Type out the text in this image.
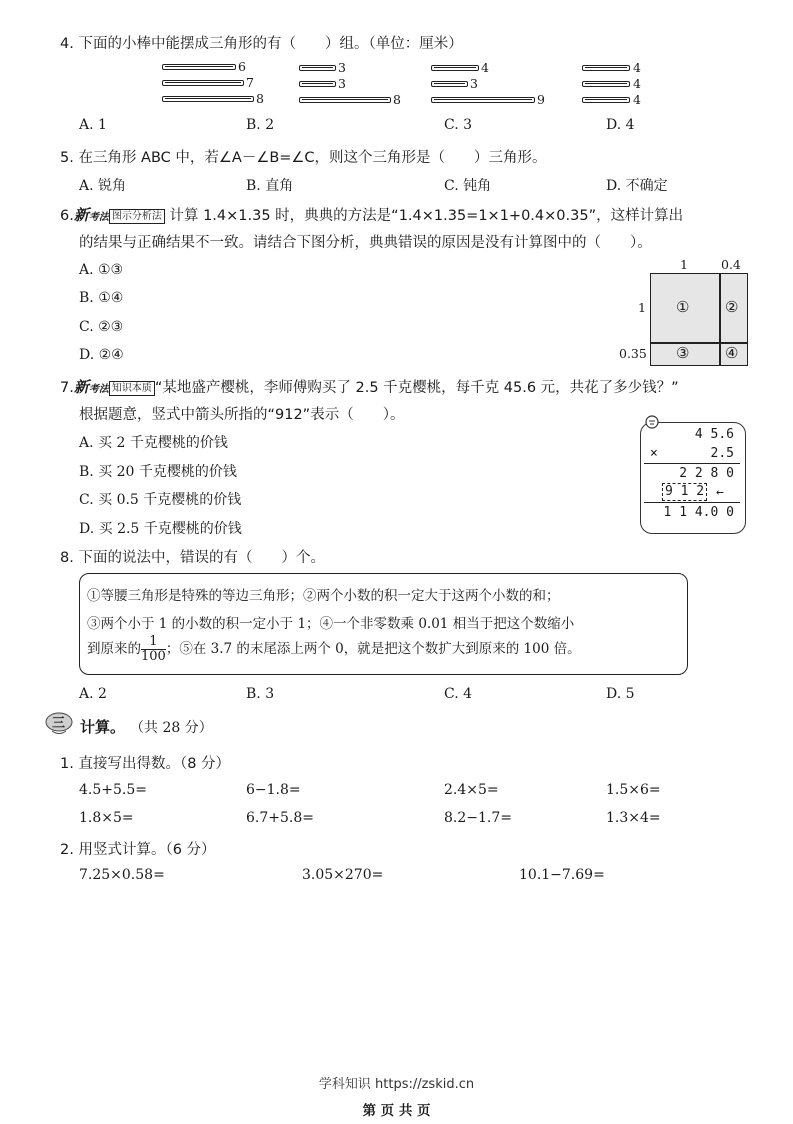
4. 下面的小棒中能摆成三角形的有（　　）组。（单位：厘米）
6
7
8
3
3
8
4
3
9
4
4
4
A. 1	B. 2	C. 3	D. 4
5. 在三角形 ABC 中，若∠A－∠B=∠C，则这个三角形是（　　）三角形。
A. 锐角	B. 直角	C. 钝角	D. 不确定
6.新考法 图示分析法 计算 1.4×1.35 时，典典的方法是“1.4×1.35=1×1+0.4×0.35”，这样计算出
的结果与正确结果不一致。请结合下图分析，典典错误的原因是没有计算图中的（　　）。
A. ①③
B. ①④
C. ②③
D. ②④
1	0.4
1
0.35
① ②
③ ④
7.新考法 知识本质 “某地盛产樱桃，李师傅购买了 2.5 千克樱桃，每千克 45.6 元，共花了多少钱？”
根据题意，竖式中箭头所指的“912”表示（　　）。
A. 买 2 千克樱桃的价钱
B. 买 20 千克樱桃的价钱
C. 买 0.5 千克樱桃的价钱
D. 买 2.5 千克樱桃的价钱
4 5.6
×	2.5
2 2 8 0
9 1 2 ←
1 1 4.0 0
8. 下面的说法中，错误的有（　　）个。
①等腰三角形是特殊的等边三角形；②两个小数的积一定大于这两个小数的和；
③两个小于 1 的小数的积一定小于 1；④一个非零数乘 0.01 相当于把这个数缩小
到原来的 $\frac{1}{100}$ ；⑤在 3.7 的末尾添上两个 0，就是把这个数扩大到原来的 100 倍。
A. 2	B. 3	C. 4	D. 5
三 计算。 （共 28 分）
1. 直接写出得数。（8 分）
4.5+5.5=	6−1.8=	2.4×5=	1.5×6=
1.8×5=	6.7+5.8=	8.2−1.7=	1.3×4=
2. 用竖式计算。（6 分）
7.25×0.58=	3.05×270=	10.1−7.69=
学科知识 https://zskid.cn
第 页 共 页
